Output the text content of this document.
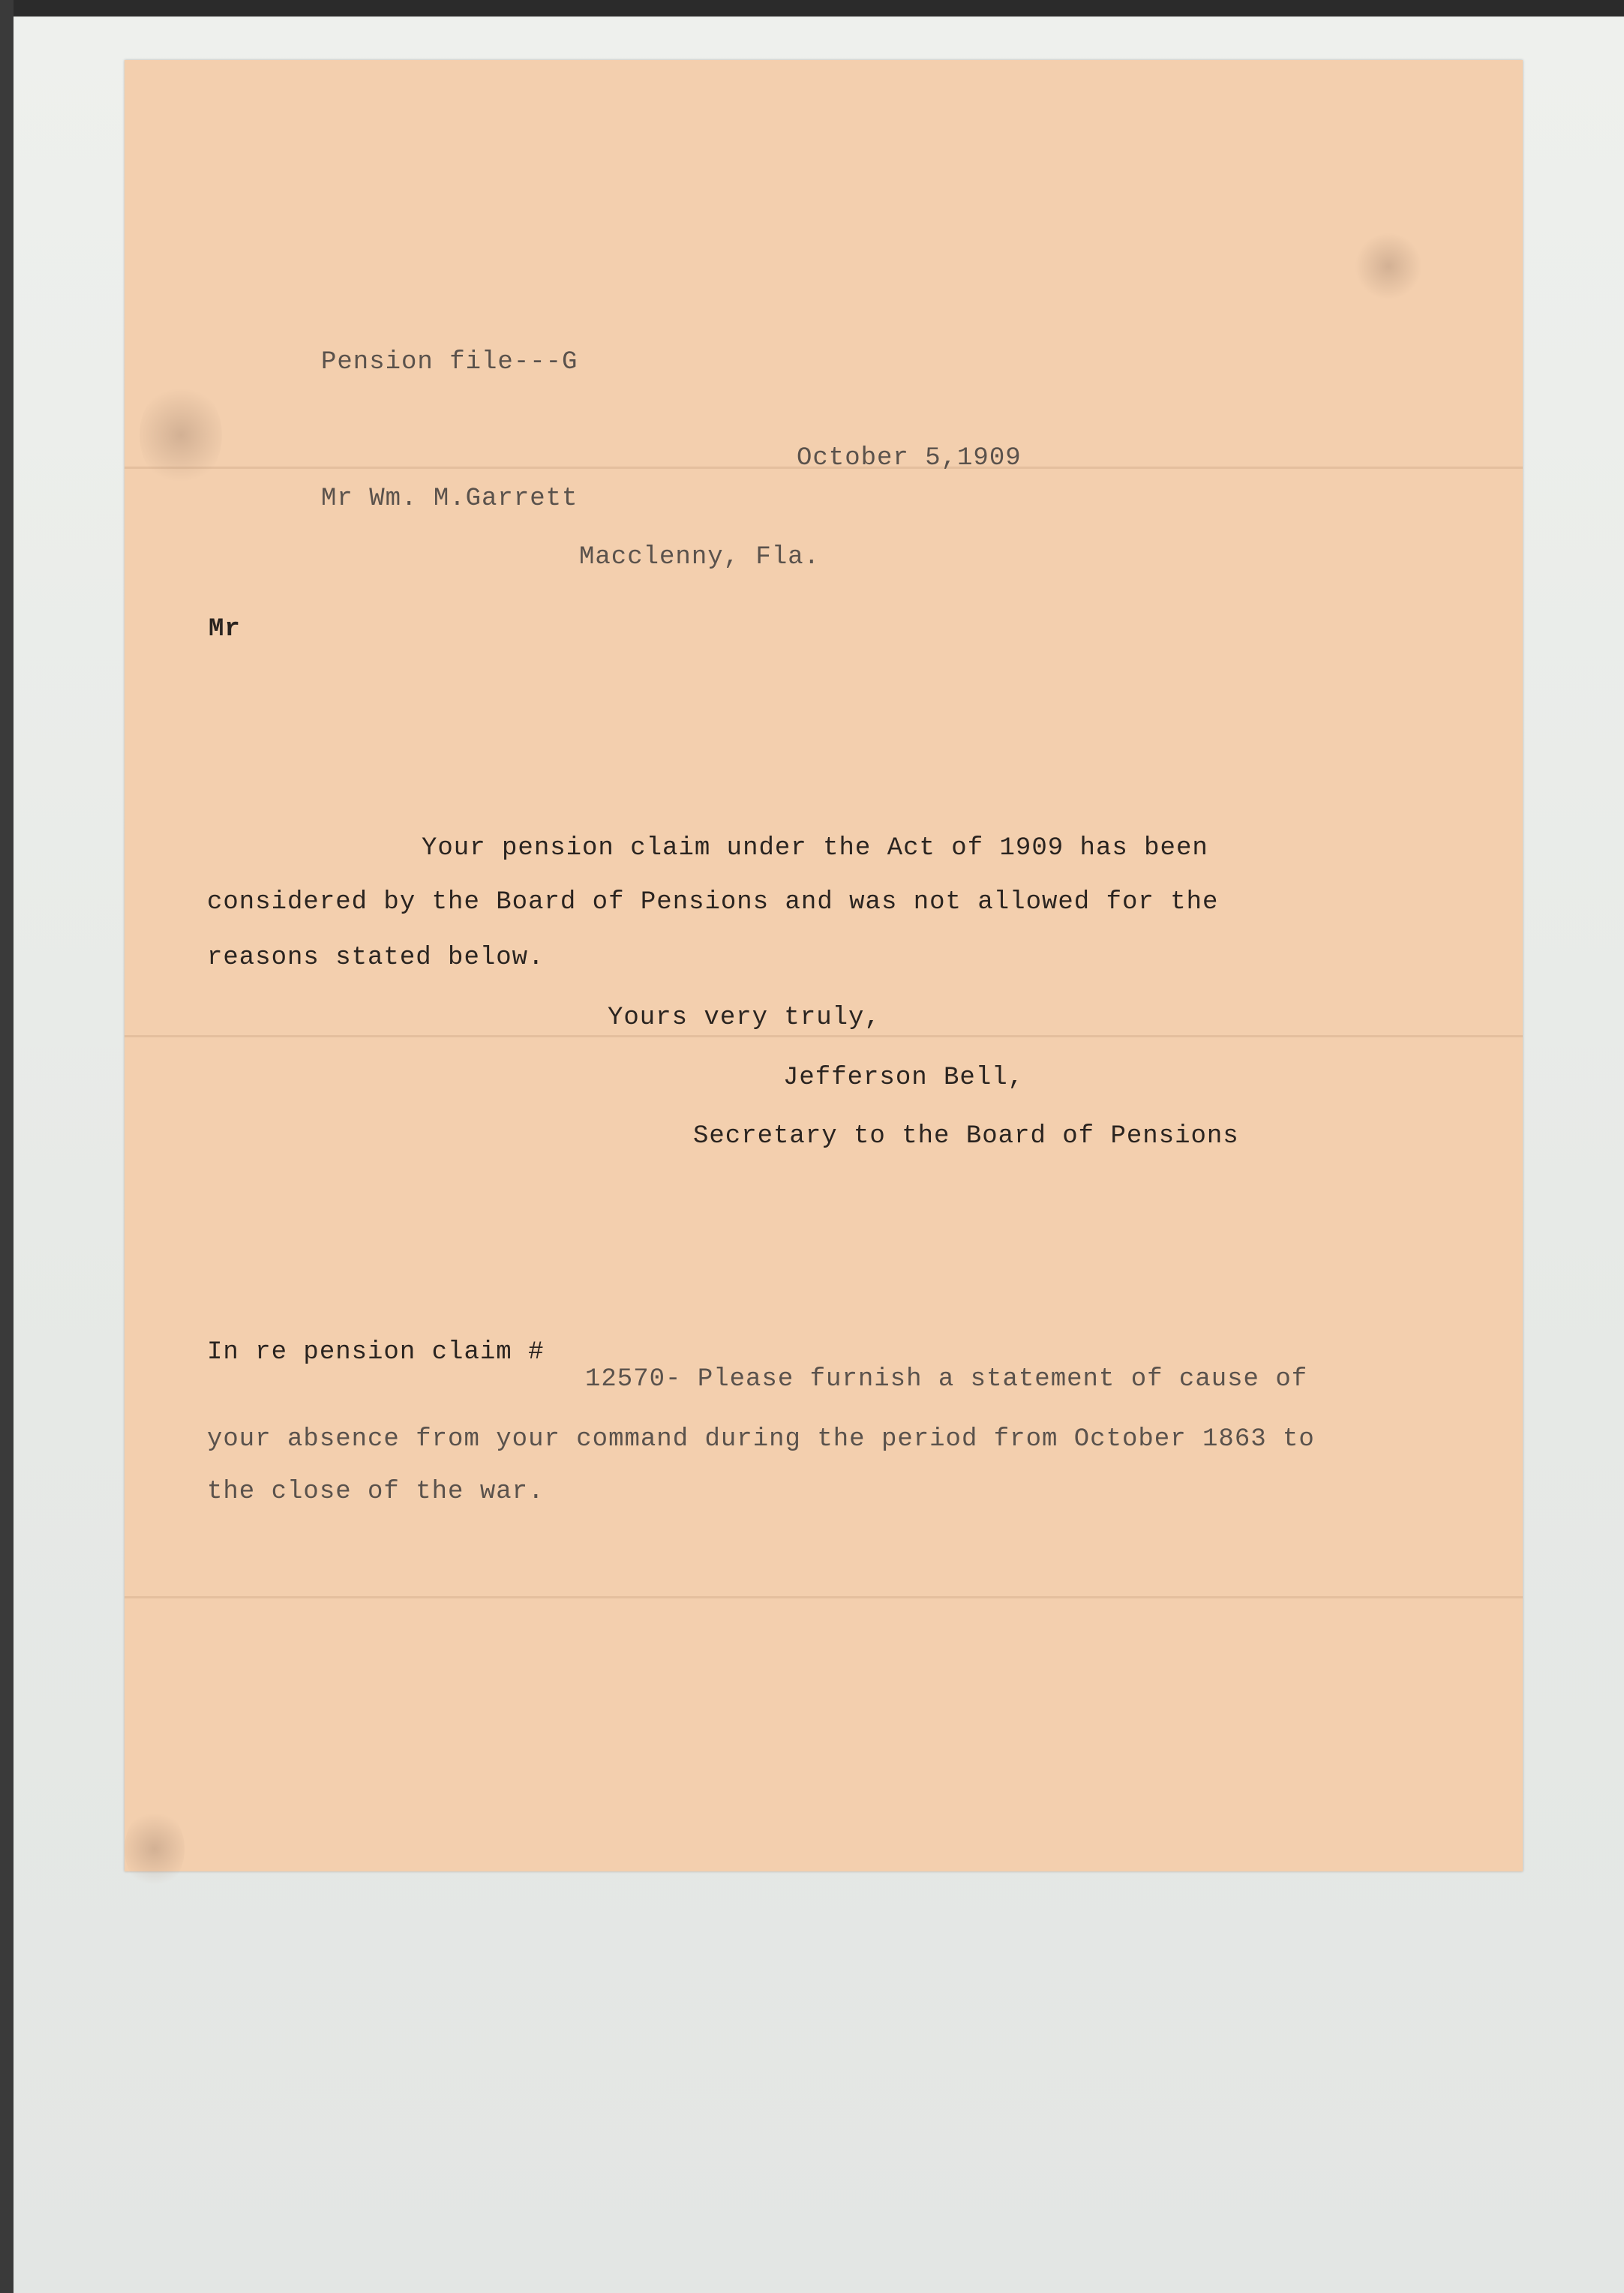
Pension file---G
October 5,1909
Mr Wm. M.Garrett
Macclenny, Fla.
Mr
Your pension claim under the Act of 1909 has been
considered by the Board of Pensions and was not allowed for the
reasons stated below.
Yours very truly,
Jefferson Bell,
Secretary to the Board of Pensions
In re pension claim #
12570- Please furnish a statement of cause of
your absence from your command during the period from October 1863 to
the close of the war.
